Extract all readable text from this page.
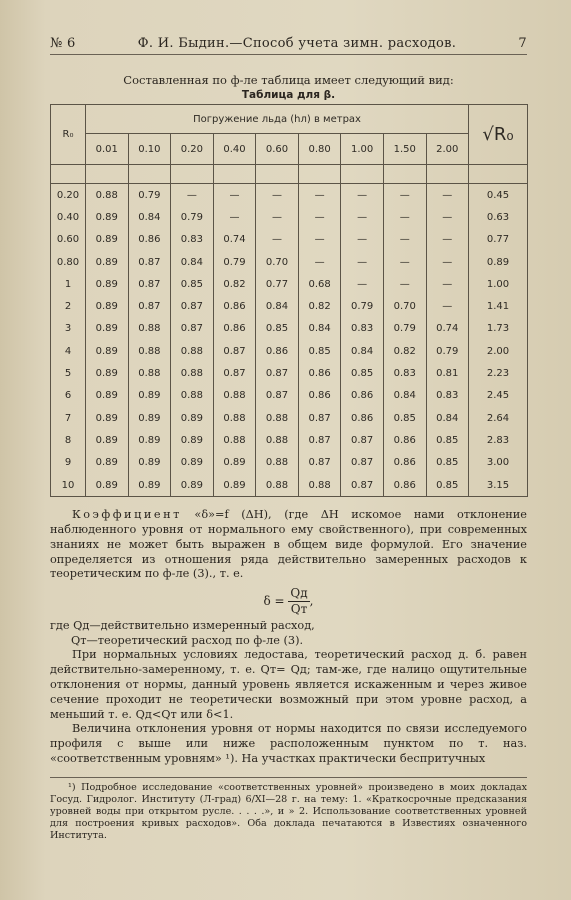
№ 6	Ф. И. Быдин.—Способ учета зимн. расходов.	7
Составленная по ф-ле таблица имеет следующий вид:
Таблица для β.
R₀	Погружение льда (hл) в метрах									√R₀
	0.01	0.10	0.20	0.40	0.60	0.80	1.00	1.50	2.00	

0.20	0.88	0.79	—	—	—	—	—	—	—	0.45
0.40	0.89	0.84	0.79	—	—	—	—	—	—	0.63
0.60	0.89	0.86	0.83	0.74	—	—	—	—	—	0.77
0.80	0.89	0.87	0.84	0.79	0.70	—	—	—	—	0.89
1	0.89	0.87	0.85	0.82	0.77	0.68	—	—	—	1.00
2	0.89	0.87	0.87	0.86	0.84	0.82	0.79	0.70	—	1.41
3	0.89	0.88	0.87	0.86	0.85	0.84	0.83	0.79	0.74	1.73
4	0.89	0.88	0.88	0.87	0.86	0.85	0.84	0.82	0.79	2.00
5	0.89	0.88	0.88	0.87	0.87	0.86	0.85	0.83	0.81	2.23
6	0.89	0.89	0.88	0.88	0.87	0.86	0.86	0.84	0.83	2.45
7	0.89	0.89	0.89	0.88	0.88	0.87	0.86	0.85	0.84	2.64
8	0.89	0.89	0.89	0.88	0.88	0.87	0.87	0.86	0.85	2.83
9	0.89	0.89	0.89	0.89	0.88	0.87	0.87	0.86	0.85	3.00
10	0.89	0.89	0.89	0.89	0.88	0.88	0.87	0.86	0.85	3.15

Коэффициент «δ»=f (ΔH), (где ΔH искомое нами отклонение наблюденного уровня от нормального ему свойственного), при современных знаниях не может быть выражен в общем виде формулой. Его значение определяется из отношения ряда действительно замеренных расходов к теоретическим по ф-ле (3)., т. е.

$\delta = \frac{Qд}{Qт}$ ,

где Qд—действительно измеренный расход,

Qт—теоретический расход по ф-ле (3).

При нормальных условиях ледостава, теоретический расход д. б. равен действительно-замеренному, т. е. Qт= Qд; там-же, где налицо ощутительные отклонения от нормы, данный уровень является искаженным и через живое сечение проходит не теоретически возможный при этом уровне расход, а меньший т. е. Qд<Qт или δ<1.

Величина отклонения уровня от нормы находится по связи исследуемого профиля с выше или ниже расположенным пунктом по т. наз. «соответственным уровням» ¹). На участках практически беспритучных

¹) Подробное исследование «соответственных уровней» произведено в моих докладах Госуд. Гидролог. Институту (Л-град) 6/XI—28 г. на тему: 1. «Краткосрочные предсказания уровней воды при открытом русле. . . . .», и » 2. Использование соответственных уровней для построения кривых расходов». Оба доклада печатаются в Известиях означенного Института.
